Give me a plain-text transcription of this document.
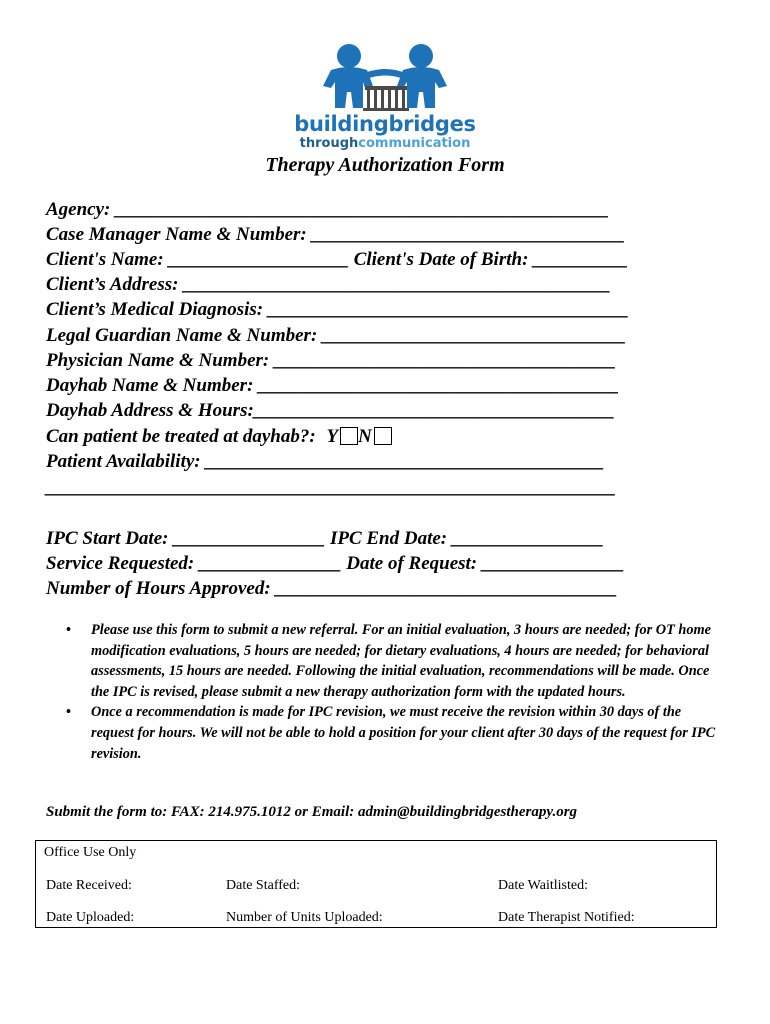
buildingbridges
throughcommunication
Therapy Authorization Form
Agency: ____________________________________________________
Case Manager Name & Number: _________________________________
Client's Name: ___________________ Client's Date of Birth: __________
Client’s Address: _____________________________________________
Client’s Medical Diagnosis: ______________________________________
Legal Guardian Name & Number: ________________________________
Physician Name & Number: ____________________________________
Dayhab Name & Number: ______________________________________
Dayhab Address & Hours:______________________________________
Can patient be treated at dayhab?: Y N
Patient Availability: __________________________________________
____________________________________________________________
IPC Start Date: ________________ IPC End Date: ________________
Service Requested: _______________ Date of Request: _______________
Number of Hours Approved: ____________________________________
• Please use this form to submit a new referral. For an initial evaluation, 3 hours are needed; for OT home modification evaluations, 5 hours are needed; for dietary evaluations, 4 hours are needed; for behavioral assessments, 15 hours are needed. Following the initial evaluation, recommendations will be made. Once the IPC is revised, please submit a new therapy authorization form with the updated hours.
• Once a recommendation is made for IPC revision, we must receive the revision within 30 days of the request for hours. We will not be able to hold a position for your client after 30 days of the request for IPC revision.
Submit the form to: FAX: 214.975.1012 or Email: admin@buildingbridgestherapy.org
Office Use Only
Date Received:	Date Staffed:	Date Waitlisted:
Date Uploaded:	Number of Units Uploaded:	Date Therapist Notified:
